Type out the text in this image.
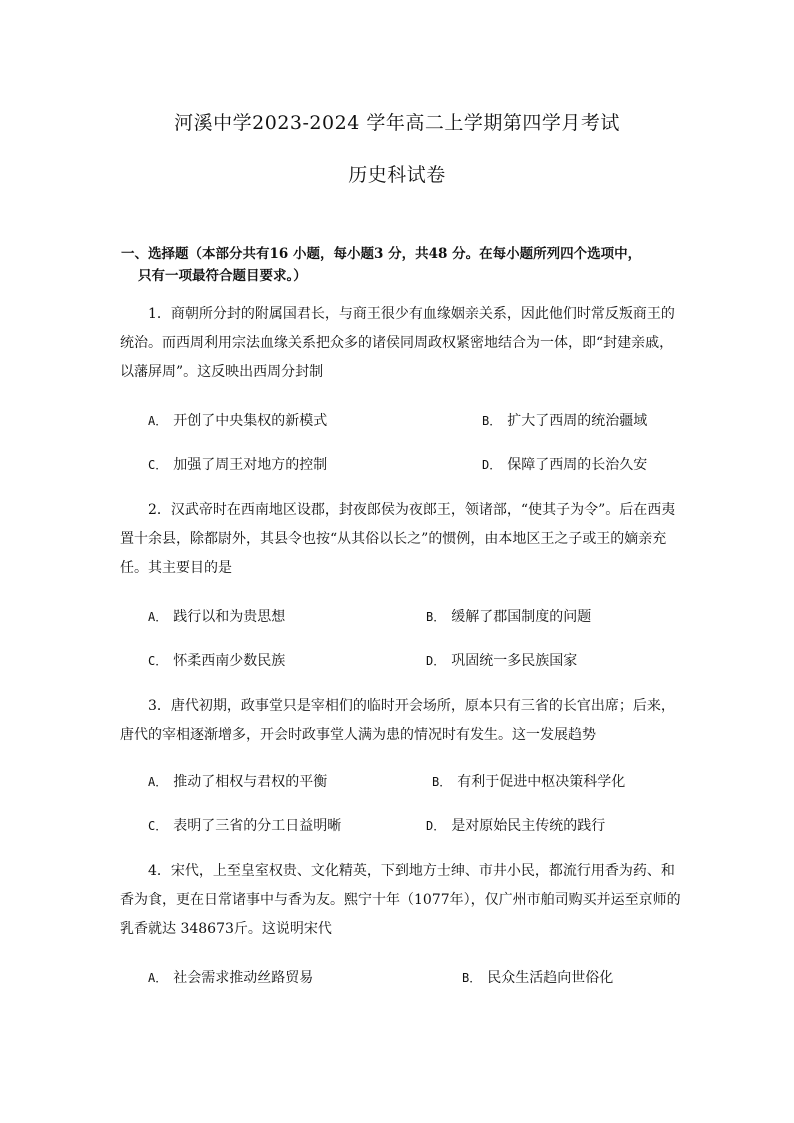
河溪中学2023-2024 学年高二上学期第四学月考试
历史科试卷
一、选择题（本部分共有16 小题，每小题3 分，共48 分。在每小题所列四个选项中，
只有一项最符合题目要求。）
1．商朝所分封的附属国君长，与商王很少有血缘姻亲关系，因此他们时常反叛商王的
统治。而西周利用宗法血缘关系把众多的诸侯同周政权紧密地结合为一体，即“封建亲戚，
以藩屏周”。这反映出西周分封制
A． 开创了中央集权的新模式	B． 扩大了西周的统治疆域
C． 加强了周王对地方的控制	D． 保障了西周的长治久安
2．汉武帝时在西南地区设郡，封夜郎侯为夜郎王，领诸部，“使其子为令”。后在西夷
置十余县，除都尉外，其县令也按“从其俗以长之”的惯例，由本地区王之子或王的嫡亲充
任。其主要目的是
A． 践行以和为贵思想	B． 缓解了郡国制度的问题
C． 怀柔西南少数民族	D． 巩固统一多民族国家
3．唐代初期，政事堂只是宰相们的临时开会场所，原本只有三省的长官出席；后来，
唐代的宰相逐渐增多，开会时政事堂人满为患的情况时有发生。这一发展趋势
A． 推动了相权与君权的平衡	B． 有利于促进中枢决策科学化
C． 表明了三省的分工日益明晰	D． 是对原始民主传统的践行
4．宋代，上至皇室权贵、文化精英，下到地方士绅、市井小民，都流行用香为药、和
香为食，更在日常诸事中与香为友。熙宁十年（1077年），仅广州市舶司购买并运至京师的
乳香就达 348673斤。这说明宋代
A． 社会需求推动丝路贸易	B． 民众生活趋向世俗化
